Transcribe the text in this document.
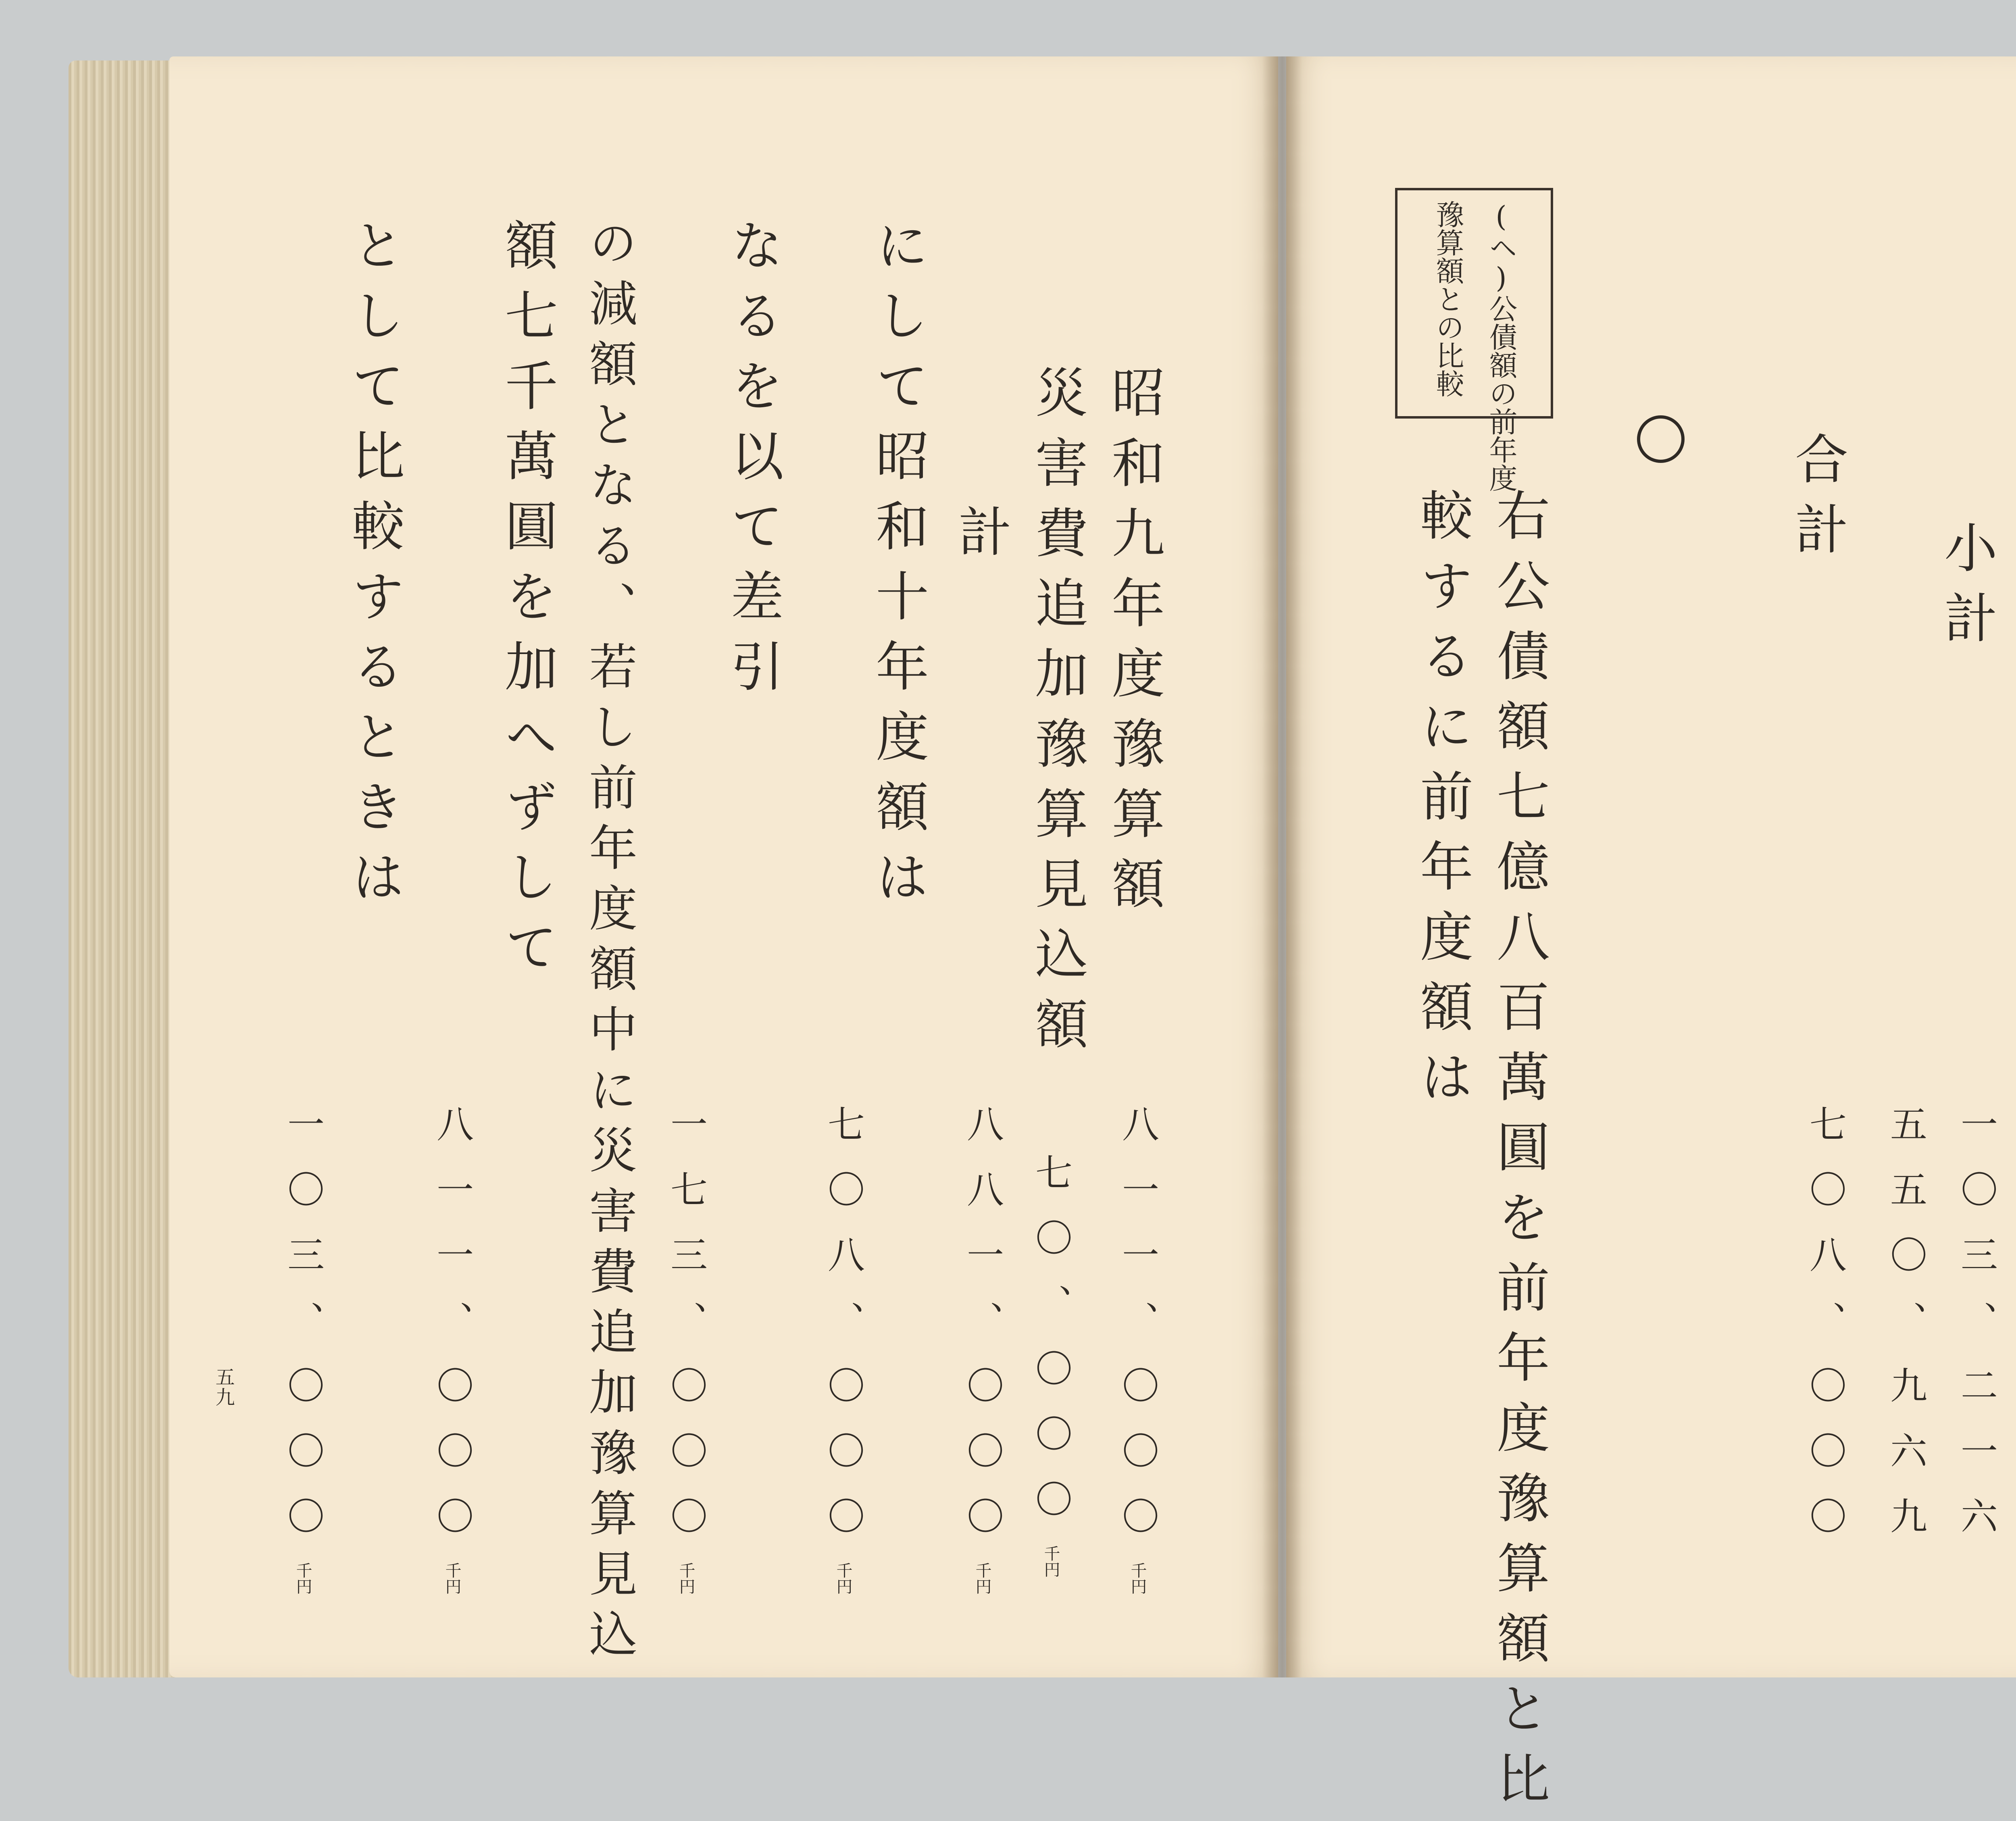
昭和九年度豫算額
災害費追加豫算見込額
計
にして昭和十年度額は
なるを以て差引
の減額となる、若し前年度額中に災害費追加豫算見込
額七千萬圓を加へずして
として比較するときは
八一一、〇〇〇千円
七〇、〇〇〇千円
八八一、〇〇〇千円
七〇八、〇〇〇千円
一七三、〇〇〇千円
八一一、〇〇〇千円
一〇三、〇〇〇千円
五九
小計
合計
一〇三、二一六
五五〇、九六九
七〇八、〇〇〇
(ヘ)公債額の前年度
豫算額との比較
右公債額七億八百萬圓を前年度豫算額と比
較するに前年度額は
